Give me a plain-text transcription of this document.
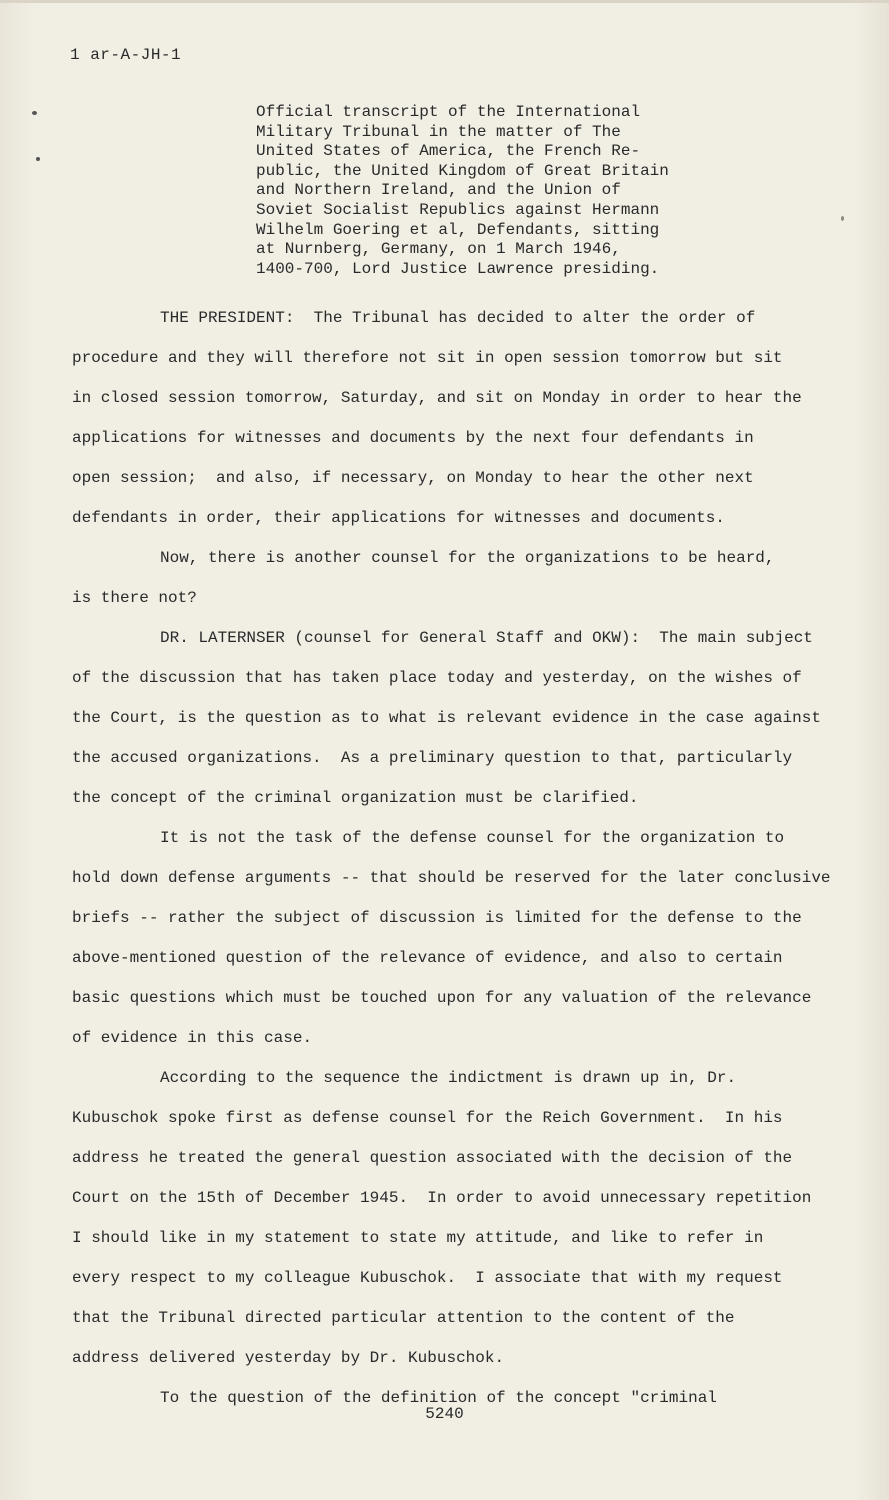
1 ar-A-JH-1
Official transcript of the International
Military Tribunal in the matter of The
United States of America, the French Re-
public, the United Kingdom of Great Britain
and Northern Ireland, and the Union of
Soviet Socialist Republics against Hermann
Wilhelm Goering et al, Defendants, sitting
at Nurnberg, Germany, on 1 March 1946,
1400-700, Lord Justice Lawrence presiding.
THE PRESIDENT:  The Tribunal has decided to alter the order of
procedure and they will therefore not sit in open session tomorrow but sit
in closed session tomorrow, Saturday, and sit on Monday in order to hear the
applications for witnesses and documents by the next four defendants in
open session;  and also, if necessary, on Monday to hear the other next
defendants in order, their applications for witnesses and documents.
Now, there is another counsel for the organizations to be heard,
is there not?
DR. LATERNSER (counsel for General Staff and OKW):  The main subject
of the discussion that has taken place today and yesterday, on the wishes of
the Court, is the question as to what is relevant evidence in the case against
the accused organizations.  As a preliminary question to that, particularly
the concept of the criminal organization must be clarified.
It is not the task of the defense counsel for the organization to
hold down defense arguments -- that should be reserved for the later conclusive
briefs -- rather the subject of discussion is limited for the defense to the
above-mentioned question of the relevance of evidence, and also to certain
basic questions which must be touched upon for any valuation of the relevance
of evidence in this case.
According to the sequence the indictment is drawn up in, Dr.
Kubuschok spoke first as defense counsel for the Reich Government.  In his
address he treated the general question associated with the decision of the
Court on the 15th of December 1945.  In order to avoid unnecessary repetition
I should like in my statement to state my attitude, and like to refer in
every respect to my colleague Kubuschok.  I associate that with my request
that the Tribunal directed particular attention to the content of the
address delivered yesterday by Dr. Kubuschok.
To the question of the definition of the concept "criminal
5240
